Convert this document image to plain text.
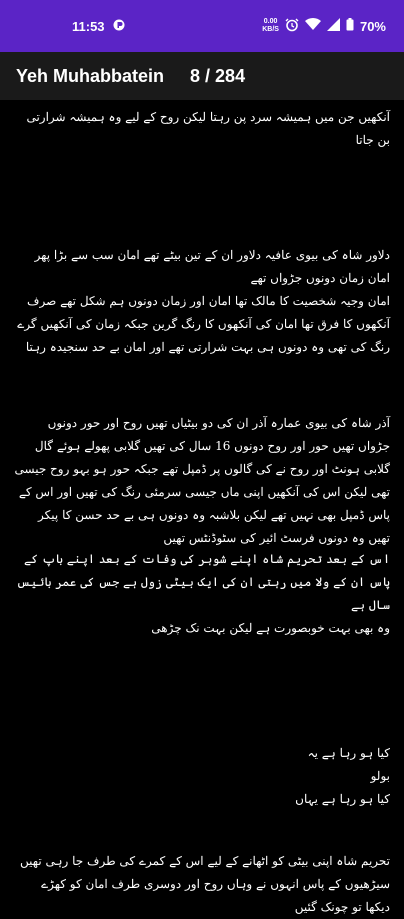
11:53	0.00
KB/S	70%
Yeh Muhabbatein 8 / 284
آنکھیں جن میں ہمیشہ سرد پن رہتا لیکن روح کے لیے وہ ہمیشہ شرارتی بن جاتا
دلاور شاہ کی بیوی عافیہ دلاور ان کے تین بیٹے تھے امان سب سے بڑا پھر امان زمان دونوں جڑواں تھے
امان وجیہ شخصیت کا مالک تھا امان اور زمان دونوں ہم شکل تھے صرف آنکھوں کا فرق تھا امان کی آنکھوں کا رنگ گرین جبکہ زمان کی آنکھیں گرے رنگ کی تھی وہ دونوں ہی بہت شرارتی تھے اور امان بے حد سنجیدہ رہتا
آذر شاہ کی بیوی عمارہ آذر ان کی دو بیٹیاں تھیں روح اور حور دونوں جڑواں تھیں حور اور روح دونوں 16 سال کی تھیں گلابی پھولے ہوئے گال گلابی ہونٹ اور روح نے کی گالوں پر ڈمپل تھے جبکہ حور ہو بہو روح جیسی تھی لیکن اس کی آنکھیں اپنی ماں جیسی سرمئی رنگ کی تھیں اور اس کے پاس ڈمپل بھی نہیں تھے لیکن بلاشبہ وہ دونوں ہی بے حد حسن کا پیکر تھیں وہ دونوں فرسٹ ائیر کی سٹوڈنٹس تھیں
اس کے بعد تحریم شاہ اپنے شوہر کی وفات کے بعد اپنے باپ کے پاس ان کے ولا میں رہتی ان کی ایک بیٹی زول ہے جس کی عمر بائیس سال ہے
وہ بھی بہت خوبصورت ہے لیکن بہت نک چڑھی
کیا ہو رہا ہے یہ
بولو
کیا ہو رہا ہے یہاں
تحریم شاہ اپنی بیٹی کو اٹھانے کے لیے اس کے کمرے کی طرف جا رہی تھیں سیڑھیوں کے پاس انہوں نے وہاں روح اور دوسری طرف امان کو کھڑے دیکھا تو چونک گئیں
